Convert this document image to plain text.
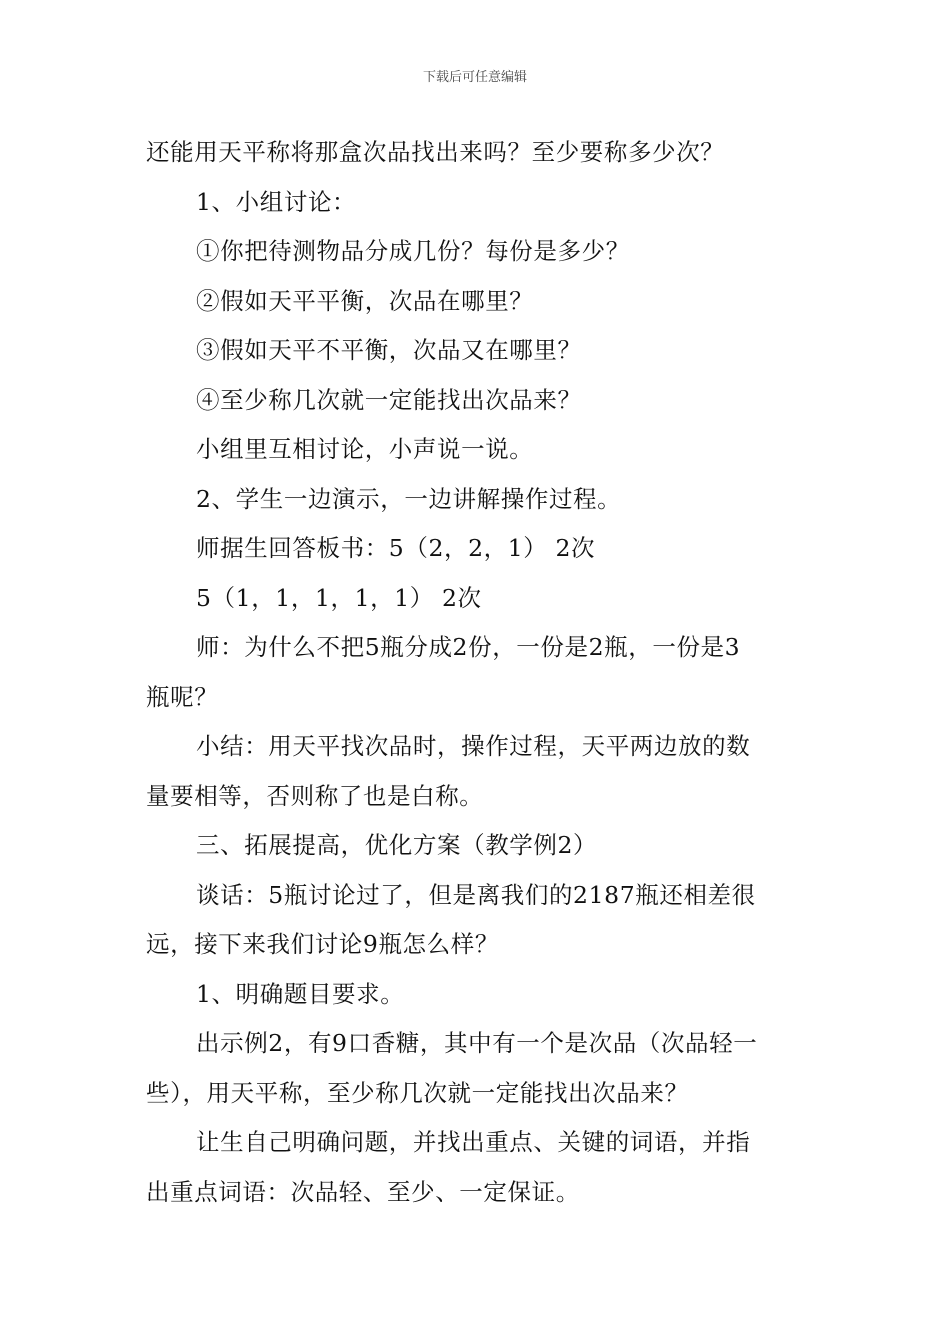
下载后可任意编辑

还能用天平称将那盒次品找出来吗？至少要称多少次？

1、小组讨论：

①你把待测物品分成几份？每份是多少？

②假如天平平衡，次品在哪里？

③假如天平不平衡，次品又在哪里？

④至少称几次就一定能找出次品来？

小组里互相讨论，小声说一说。

2、学生一边演示，一边讲解操作过程。

师据生回答板书：5（2，2，1） 2次

5（1，1，1，1，1） 2次

师：为什么不把5瓶分成2份，一份是2瓶，一份是3

瓶呢？

小结：用天平找次品时，操作过程，天平两边放的数

量要相等，否则称了也是白称。

三、拓展提高，优化方案（教学例2）

谈话：5瓶讨论过了，但是离我们的2187瓶还相差很

远，接下来我们讨论9瓶怎么样？

1、明确题目要求。

出示例2，有9口香糖，其中有一个是次品（次品轻一

些），用天平称，至少称几次就一定能找出次品来？

让生自己明确问题，并找出重点、关键的词语，并指

出重点词语：次品轻、至少、一定保证。
